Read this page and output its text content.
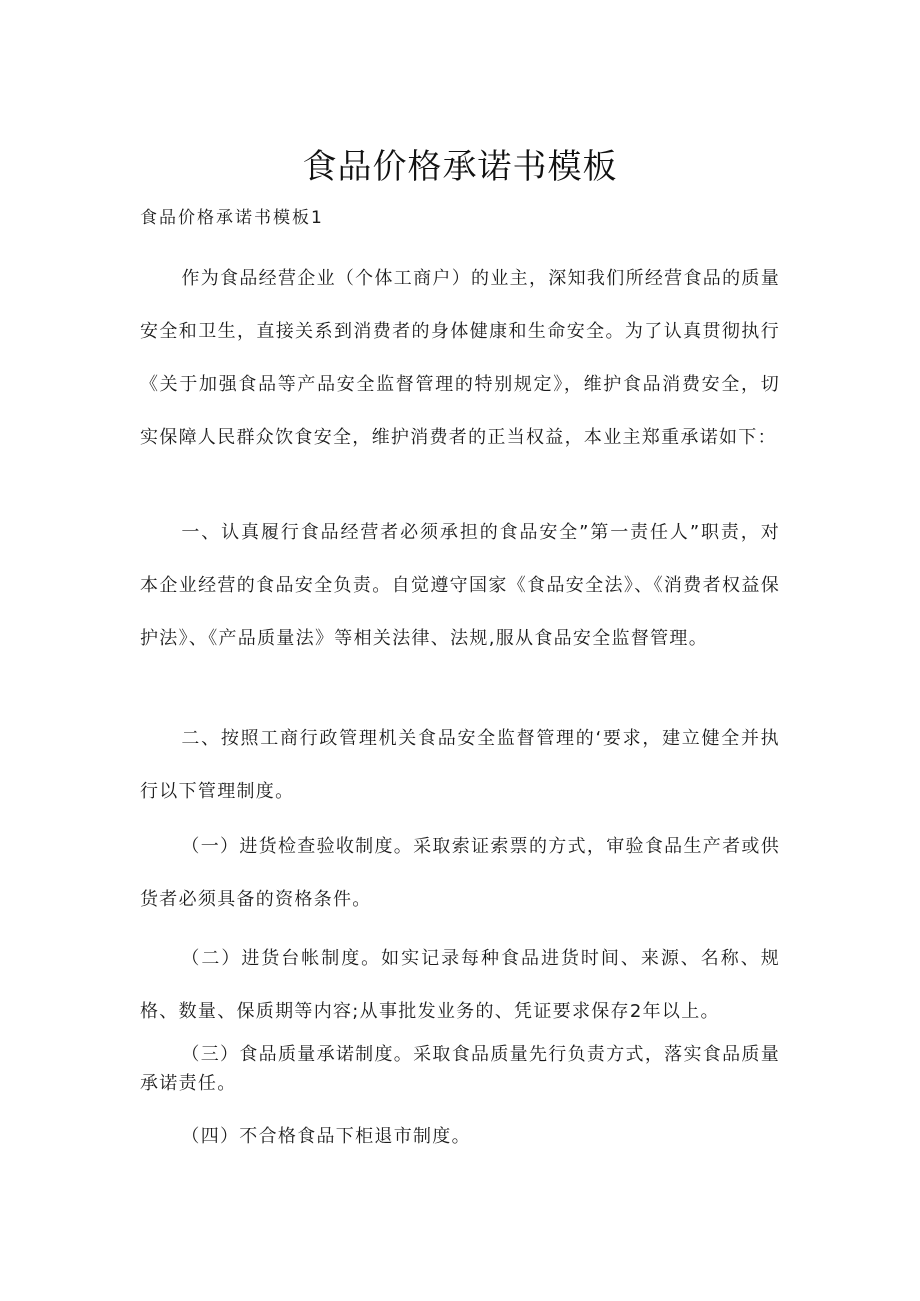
食品价格承诺书模板
食品价格承诺书模板1

作为食品经营企业（个体工商户）的业主，深知我们所经营食品的质量安全和卫生，直接关系到消费者的身体健康和生命安全。为了认真贯彻执行《关于加强食品等产品安全监督管理的特别规定》，维护食品消费安全，切实保障人民群众饮食安全，维护消费者的正当权益，本业主郑重承诺如下：

一、认真履行食品经营者必须承担的食品安全”第一责任人”职责，对本企业经营的食品安全负责。自觉遵守国家《食品安全法》、《消费者权益保护法》、《产品质量法》等相关法律、法规,服从食品安全监督管理。

二、按照工商行政管理机关食品安全监督管理的‘要求，建立健全并执行以下管理制度。

（一）进货检查验收制度。采取索证索票的方式，审验食品生产者或供货者必须具备的资格条件。

（二）进货台帐制度。如实记录每种食品进货时间、来源、名称、规格、数量、保质期等内容;从事批发业务的、凭证要求保存2年以上。

（三）食品质量承诺制度。采取食品质量先行负责方式，落实食品质量承诺责任。

（四）不合格食品下柜退市制度。
